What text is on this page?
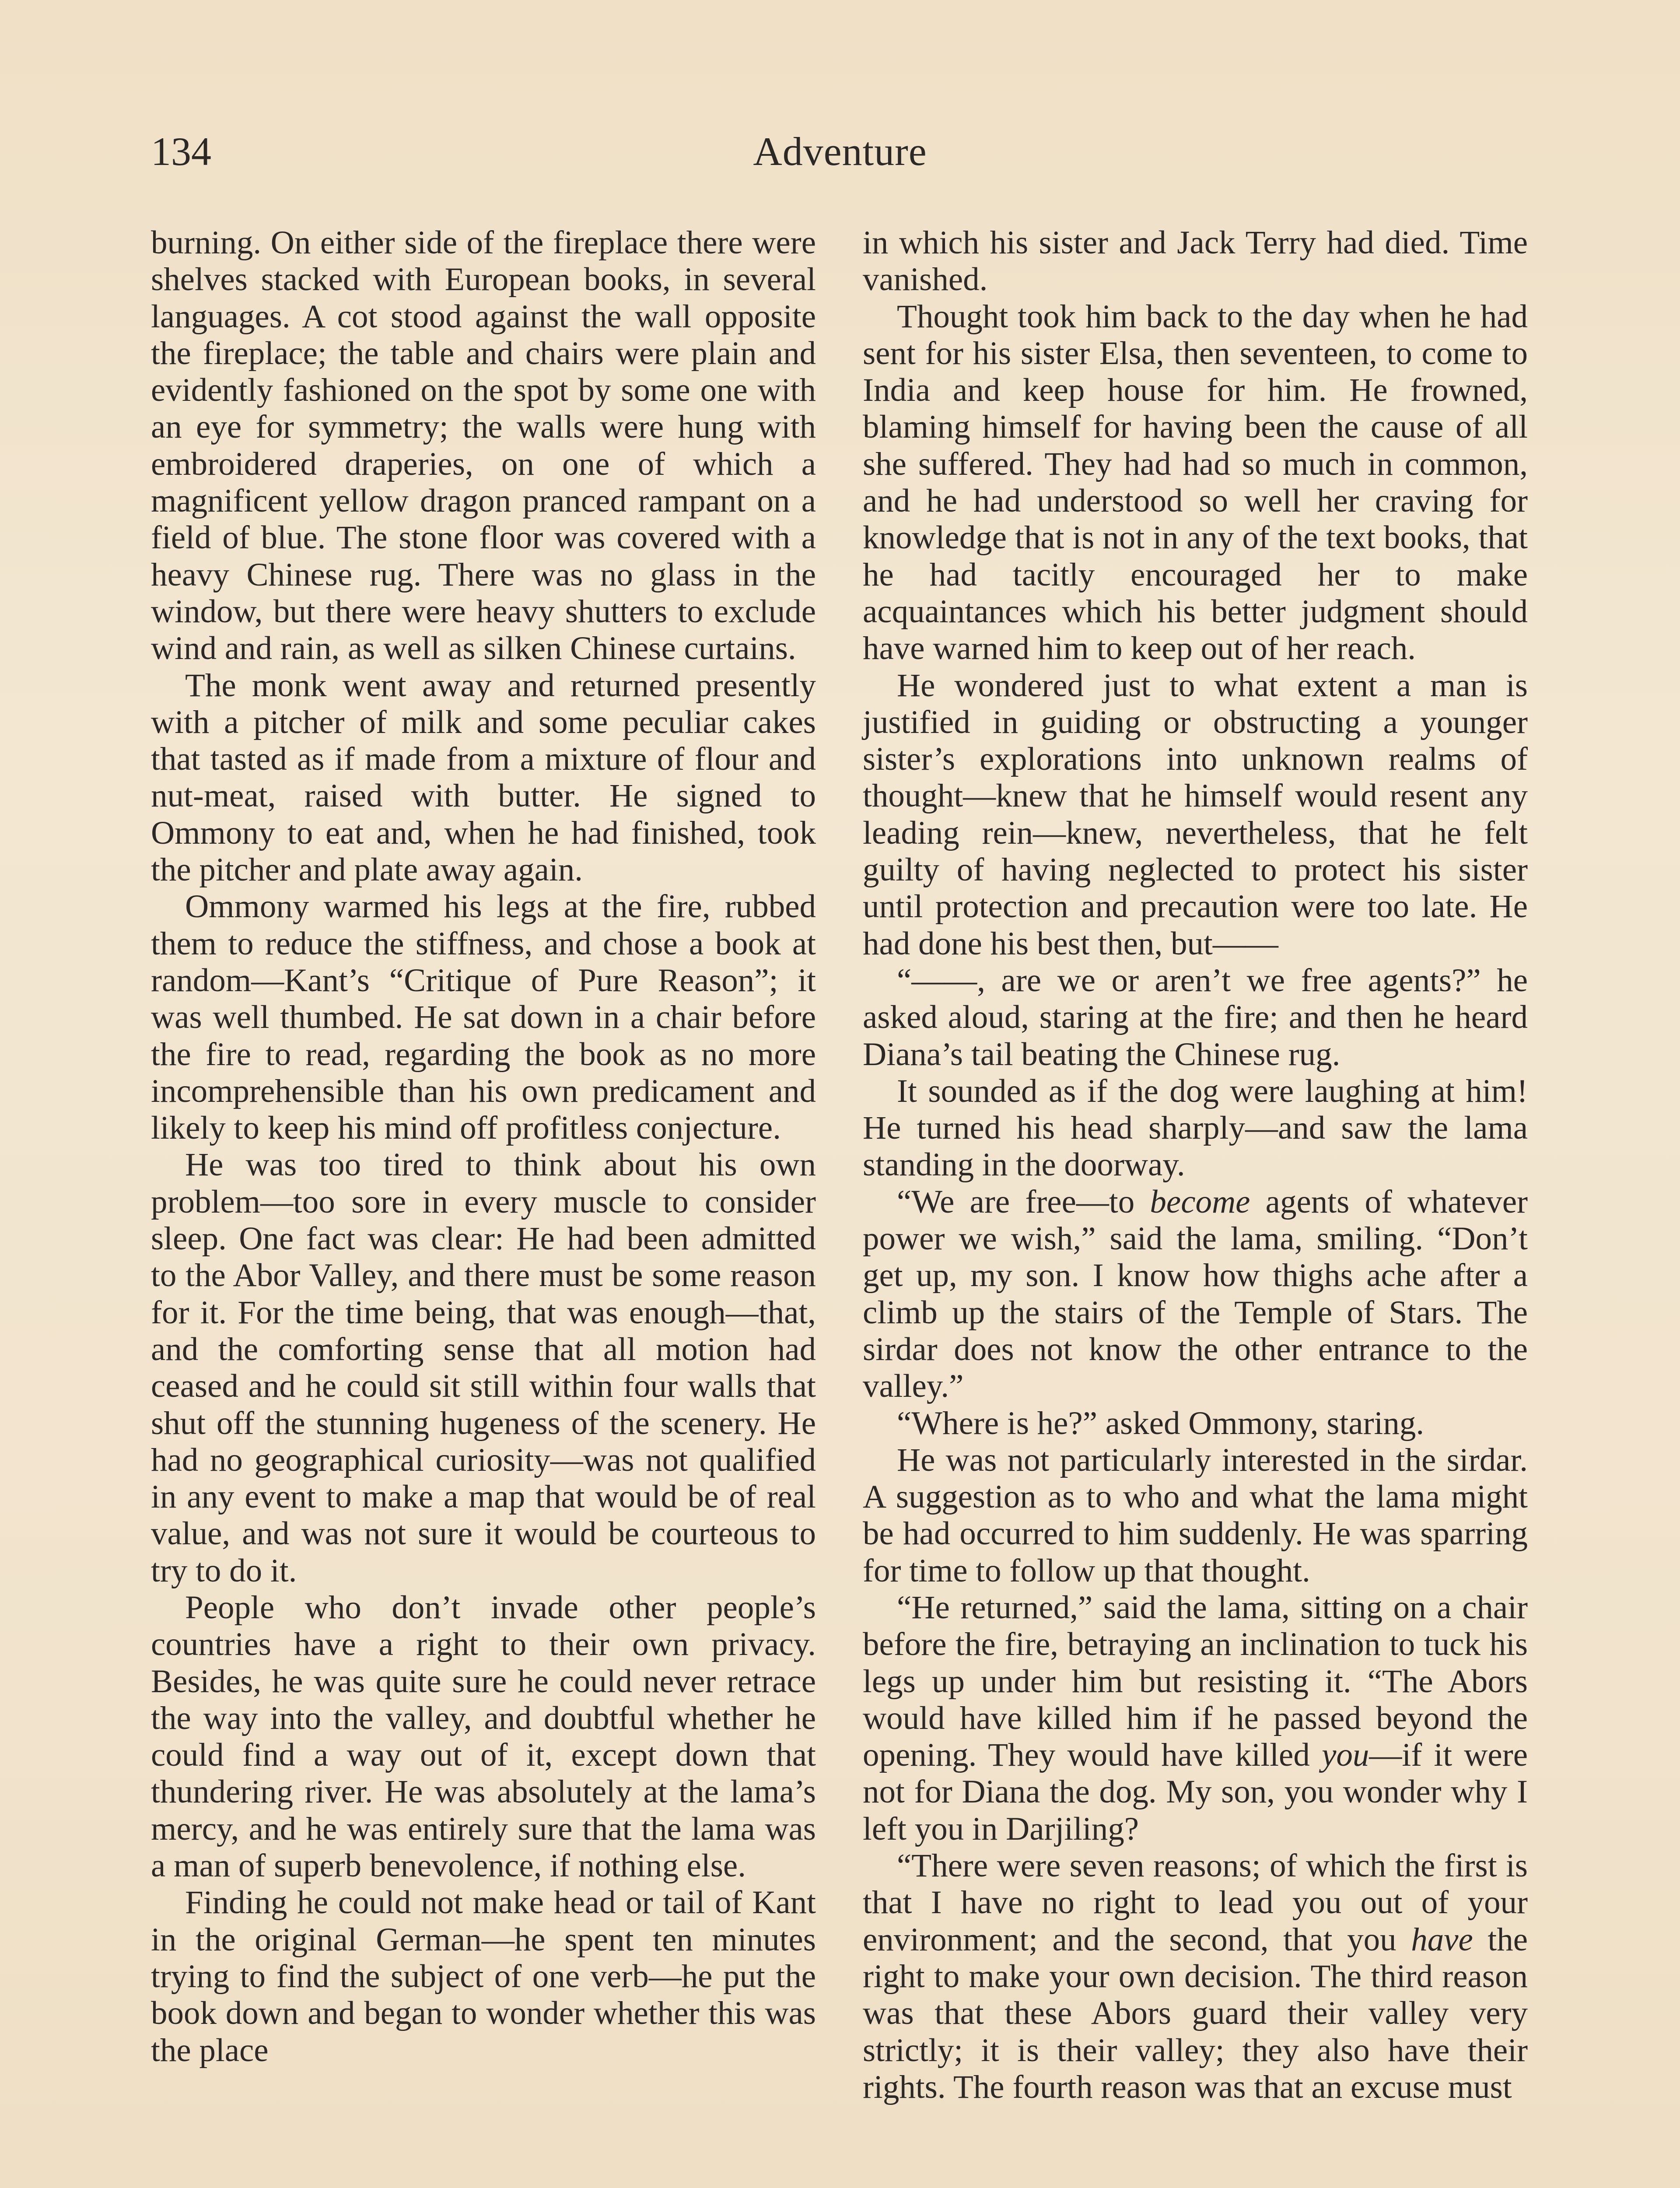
134	Adventure

burning. On either side of the fireplace there were shelves stacked with European books, in several languages. A cot stood against the wall opposite the fireplace; the table and chairs were plain and evidently fashioned on the spot by some one with an eye for symmetry; the walls were hung with embroidered draperies, on one of which a magnificent yellow dragon pranced rampant on a field of blue. The stone floor was covered with a heavy Chinese rug. There was no glass in the window, but there were heavy shutters to exclude wind and rain, as well as silken Chinese curtains.

The monk went away and returned presently with a pitcher of milk and some peculiar cakes that tasted as if made from a mixture of flour and nut-meat, raised with butter. He signed to Ommony to eat and, when he had finished, took the pitcher and plate away again.

Ommony warmed his legs at the fire, rubbed them to reduce the stiffness, and chose a book at random—Kant’s “Critique of Pure Reason”; it was well thumbed. He sat down in a chair before the fire to read, regarding the book as no more incomprehensible than his own predicament and likely to keep his mind off profitless conjecture.

He was too tired to think about his own problem—too sore in every muscle to consider sleep. One fact was clear: He had been admitted to the Abor Valley, and there must be some reason for it. For the time being, that was enough—that, and the comforting sense that all motion had ceased and he could sit still within four walls that shut off the stunning hugeness of the scenery. He had no geographical curiosity—was not qualified in any event to make a map that would be of real value, and was not sure it would be courteous to try to do it.

People who don’t invade other people’s countries have a right to their own privacy. Besides, he was quite sure he could never retrace the way into the valley, and doubtful whether he could find a way out of it, except down that thundering river. He was absolutely at the lama’s mercy, and he was entirely sure that the lama was a man of superb benevolence, if nothing else.

Finding he could not make head or tail of Kant in the original German—he spent ten minutes trying to find the subject of one verb—he put the book down and began to wonder whether this was the place

in which his sister and Jack Terry had died. Time vanished.

Thought took him back to the day when he had sent for his sister Elsa, then seventeen, to come to India and keep house for him. He frowned, blaming himself for having been the cause of all she suffered. They had had so much in common, and he had understood so well her craving for knowledge that is not in any of the text books, that he had tacitly encouraged her to make acquaintances which his better judgment should have warned him to keep out of her reach.

He wondered just to what extent a man is justified in guiding or obstructing a younger sister’s explorations into unknown realms of thought—knew that he himself would resent any leading rein—knew, nevertheless, that he felt guilty of having neglected to protect his sister until protection and precaution were too late. He had done his best then, but——

“——, are we or aren’t we free agents?” he asked aloud, staring at the fire; and then he heard Diana’s tail beating the Chinese rug.

It sounded as if the dog were laughing at him! He turned his head sharply—and saw the lama standing in the doorway.

“We are free—to become agents of whatever power we wish,” said the lama, smiling. “Don’t get up, my son. I know how thighs ache after a climb up the stairs of the Temple of Stars. The sirdar does not know the other entrance to the valley.”

“Where is he?” asked Ommony, staring.

He was not particularly interested in the sirdar. A suggestion as to who and what the lama might be had occurred to him suddenly. He was sparring for time to follow up that thought.

“He returned,” said the lama, sitting on a chair before the fire, betraying an inclination to tuck his legs up under him but resisting it. “The Abors would have killed him if he passed beyond the opening. They would have killed you—if it were not for Diana the dog. My son, you wonder why I left you in Darjiling?

“There were seven reasons; of which the first is that I have no right to lead you out of your environment; and the second, that you have the right to make your own decision. The third reason was that these Abors guard their valley very strictly; it is their valley; they also have their rights. The fourth reason was that an excuse must
